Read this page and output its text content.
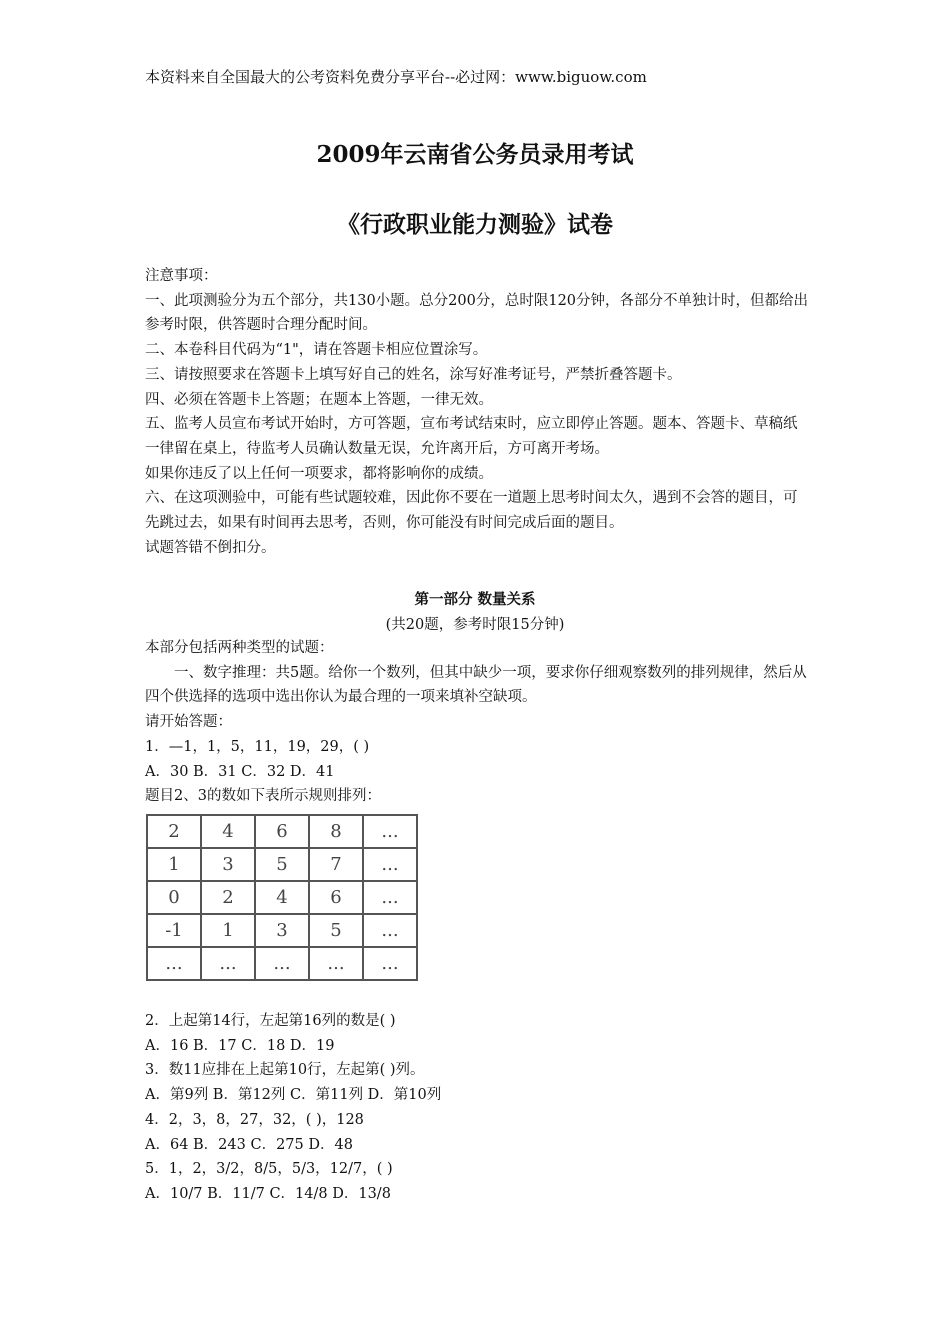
本资料来自全国最大的公考资料免费分享平台--必过网：www.biguow.com
2009年云南省公务员录用考试
《行政职业能力测验》试卷

注意事项：

一、此项测验分为五个部分，共130小题。总分200分，总时限120分钟，各部分不单独计时，但都给出参考时限，供答题时合理分配时间。

二、本卷科目代码为“1"，请在答题卡相应位置涂写。

三、请按照要求在答题卡上填写好自己的姓名，涂写好准考证号，严禁折叠答题卡。

四、必须在答题卡上答题；在题本上答题，一律无效。

五、监考人员宣布考试开始时，方可答题，宣布考试结束时，应立即停止答题。题本、答题卡、草稿纸一律留在桌上，待监考人员确认数量无误，允许离开后，方可离开考场。

如果你违反了以上任何一项要求，都将影响你的成绩。

六、在这项测验中，可能有些试题较难，因此你不要在一道题上思考时间太久，遇到不会答的题目，可先跳过去，如果有时间再去思考，否则，你可能没有时间完成后面的题目。

试题答错不倒扣分。

第一部分 数量关系
(共20题，参考时限15分钟)

本部分包括两种类型的试题：

一、数字推理：共5题。给你一个数列，但其中缺少一项，要求你仔细观察数列的排列规律，然后从四个供选择的选项中选出你认为最合理的一项来填补空缺项。

请开始答题：

1．—1，1，5，11，19，29，( )

A．30 B．31 C．32 D．41

题目2、3的数如下表所示规则排列：

2	4	6	8	...
1	3	5	7	...
0	2	4	6	...
-1	1	3	5	...
...	...	...	...	...

2．上起第14行，左起第16列的数是( )

A．16 B．17 C．18 D．19

3．数11应排在上起第10行，左起第( )列。

A．第9列 B．第12列 C．第11列 D．第10列

4．2，3，8，27，32，( )，128

A．64 B．243 C．275 D．48

5．1，2，3/2，8/5，5/3，12/7，( )

A．10/7 B．11/7 C．14/8 D．13/8
